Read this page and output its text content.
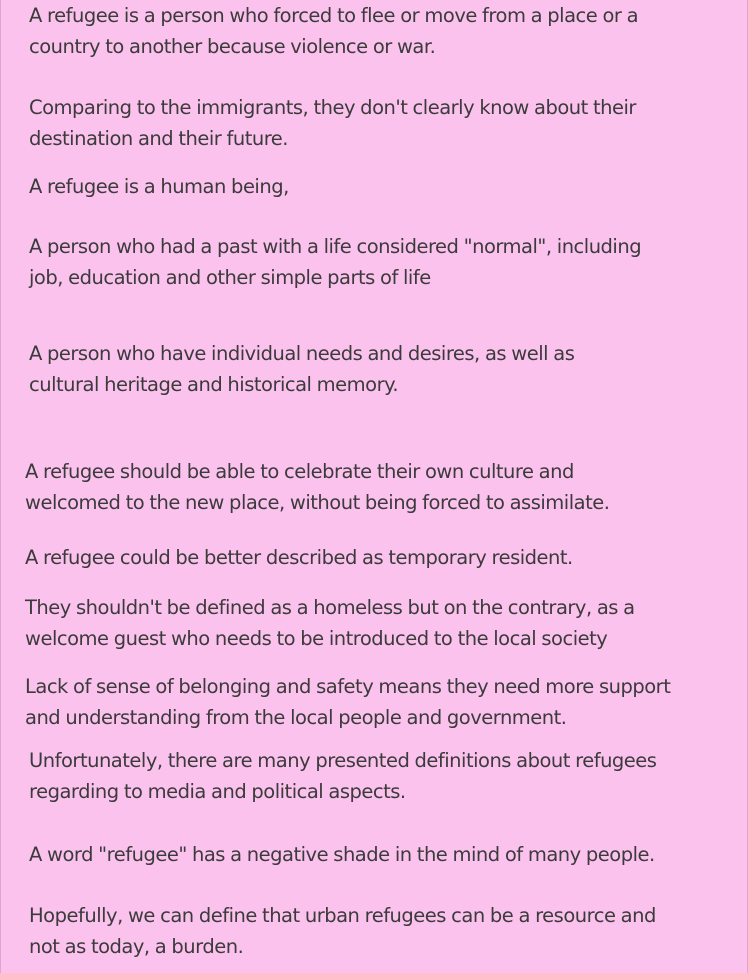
A refugee is a person who forced to flee or move from a place or a
country to another because violence or war.

Comparing to the immigrants, they don't clearly know about their
destination and their future.

A refugee is a human being,

A person who had a past with a life considered "normal", including
job, education and other simple parts of life

A person who have individual needs and desires, as well as
cultural heritage and historical memory.

A refugee should be able to celebrate their own culture and
welcomed to the new place, without being forced to assimilate.

A refugee could be better described as temporary resident.

They shouldn't be defined as a homeless but on the contrary, as a
welcome guest who needs to be introduced to the local society

Lack of sense of belonging and safety means they need more support
and understanding from the local people and government.

Unfortunately, there are many presented definitions about refugees
regarding to media and political aspects.

A word "refugee" has a negative shade in the mind of many people.

Hopefully, we can define that urban refugees can be a resource and
not as today, a burden.
